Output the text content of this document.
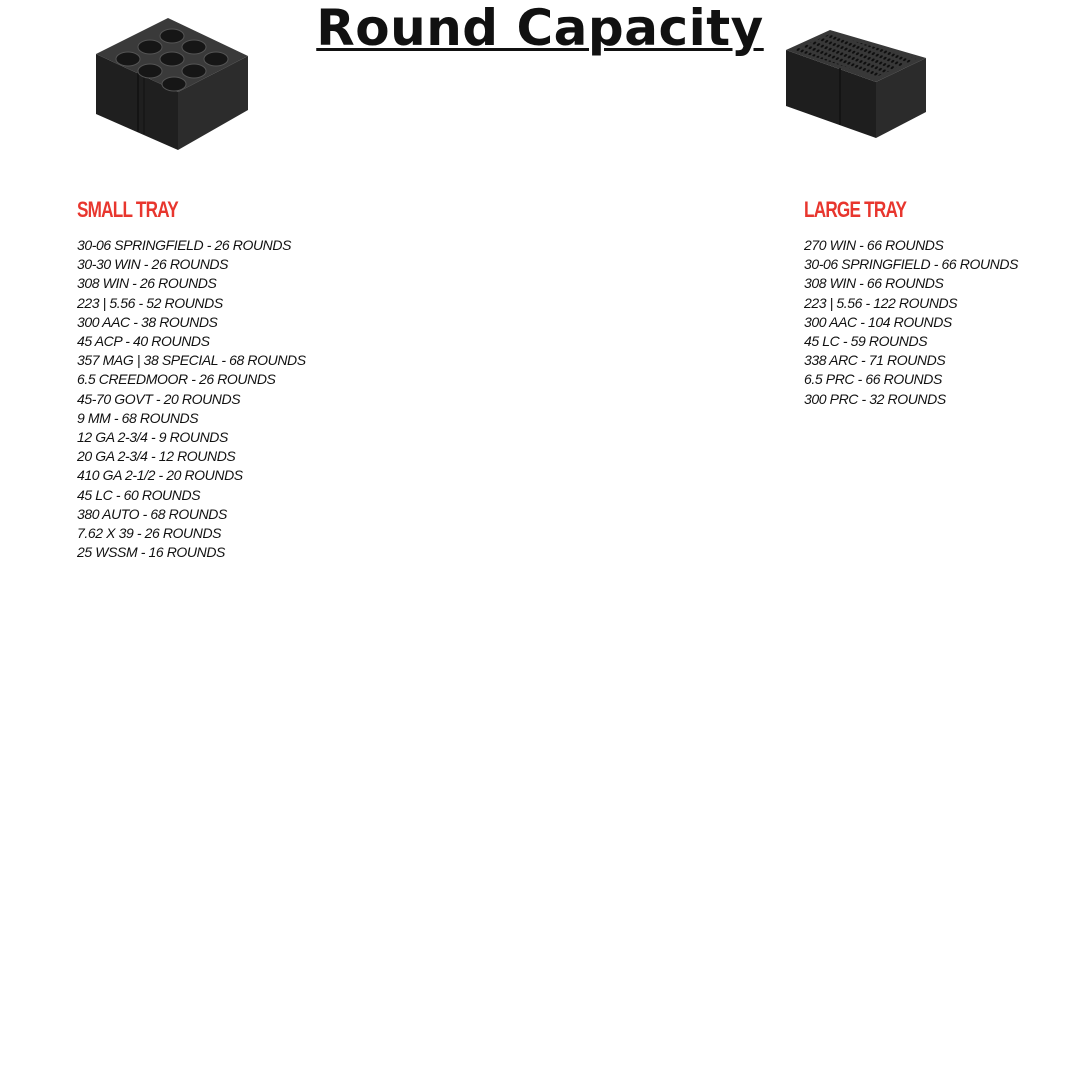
Round Capacity
SMALL TRAY
30-06 SPRINGFIELD - 26 ROUNDS
30-30 WIN - 26 ROUNDS
308 WIN - 26 ROUNDS
223 | 5.56 - 52 ROUNDS
300 AAC - 38 ROUNDS
45 ACP - 40 ROUNDS
357 MAG | 38 SPECIAL - 68 ROUNDS
6.5 CREEDMOOR - 26 ROUNDS
45-70 GOVT - 20 ROUNDS
9 MM - 68 ROUNDS
12 GA 2-3/4 - 9 ROUNDS
20 GA 2-3/4 - 12 ROUNDS
410 GA 2-1/2 - 20 ROUNDS
45 LC - 60 ROUNDS
380 AUTO - 68 ROUNDS
7.62 X 39 - 26 ROUNDS
25 WSSM - 16 ROUNDS
LARGE TRAY
270 WIN - 66 ROUNDS
30-06 SPRINGFIELD - 66 ROUNDS
308 WIN - 66 ROUNDS
223 | 5.56 - 122 ROUNDS
300 AAC - 104 ROUNDS
45 LC - 59 ROUNDS
338 ARC - 71 ROUNDS
6.5 PRC - 66 ROUNDS
300 PRC - 32 ROUNDS
